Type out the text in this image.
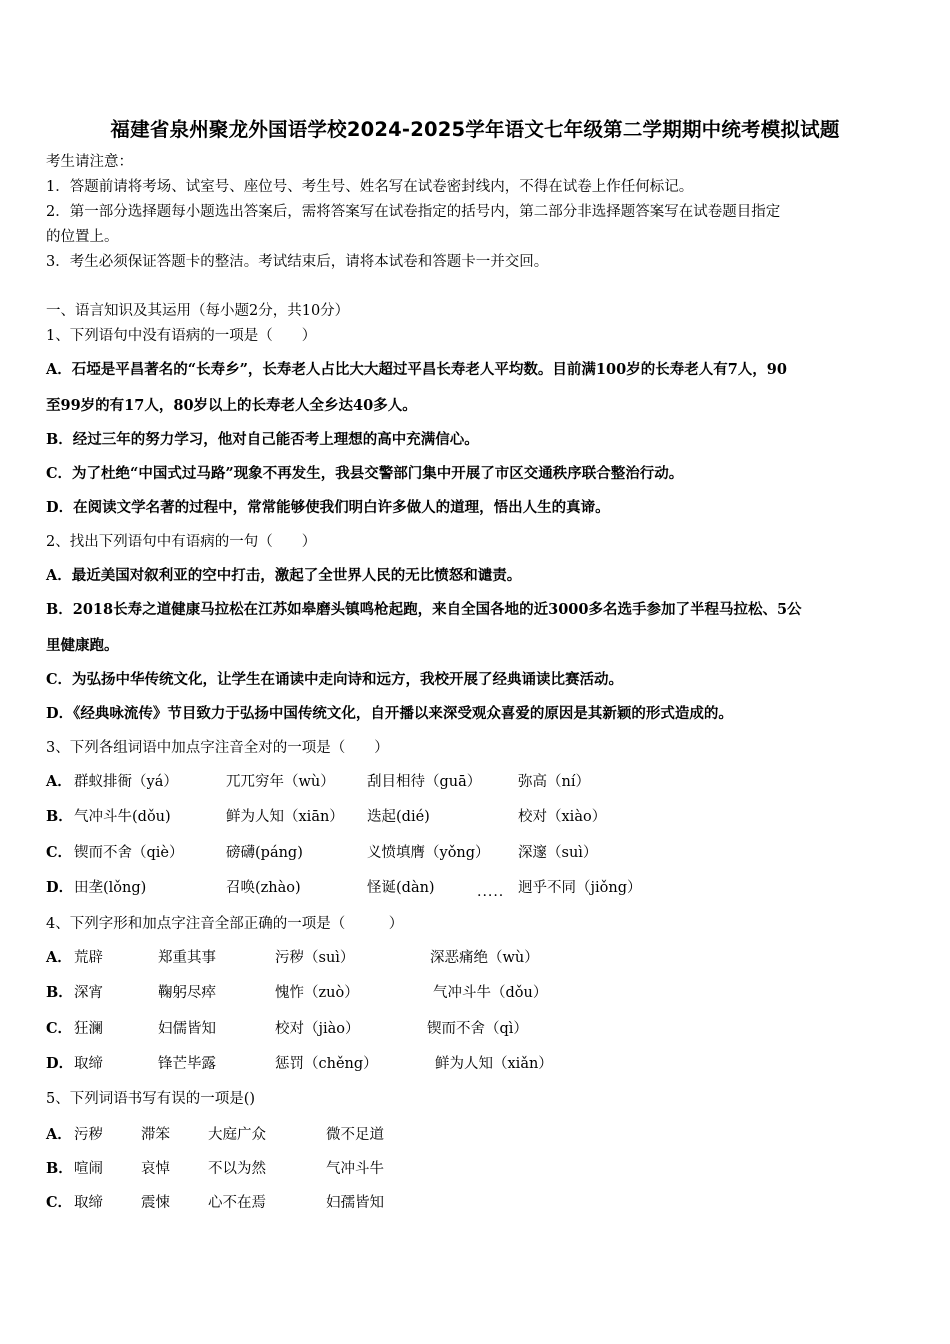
福建省泉州聚龙外国语学校2024-2025学年语文七年级第二学期期中统考模拟试题
考生请注意：
1．答题前请将考场、试室号、座位号、考生号、姓名写在试卷密封线内，不得在试卷上作任何标记。
2．第一部分选择题每小题选出答案后，需将答案写在试卷指定的括号内，第二部分非选择题答案写在试卷题目指定
的位置上。
3．考生必须保证答题卡的整洁。考试结束后，请将本试卷和答题卡一并交回。
一、语言知识及其运用（每小题2分，共10分）
1、下列语句中没有语病的一项是（　　）
A．石埡是平昌著名的“长寿乡”，长寿老人占比大大超过平昌长寿老人平均数。目前满100岁的长寿老人有7人，90
至99岁的有17人，80岁以上的长寿老人全乡达40多人。
B．经过三年的努力学习，他对自己能否考上理想的高中充满信心。
C．为了杜绝“中国式过马路”现象不再发生，我县交警部门集中开展了市区交通秩序联合整治行动。
D．在阅读文学名著的过程中，常常能够使我们明白许多做人的道理，悟出人生的真谛。
2、找出下列语句中有语病的一句（　　）
A．最近美国对叙利亚的空中打击，激起了全世界人民的无比愤怒和谴责。
B．2018长寿之道健康马拉松在江苏如皋磨头镇鸣枪起跑，来自全国各地的近3000多名选手参加了半程马拉松、5公
里健康跑。
C．为弘扬中华传统文化，让学生在诵读中走向诗和远方，我校开展了经典诵读比赛活动。
D．《经典咏流传》节目致力于弘扬中国传统文化，自开播以来深受观众喜爱的原因是其新颖的形式造成的。
3、下列各组词语中加点字注音全对的一项是（　　）
A． 群蚁排衙（yá）	兀兀穷年（wù） 刮目相待（guā）	弥高（ní）
B． 气冲斗牛(dǒu)	鲜为人知（xiān） 迭起(dié)	校对（xiào）
C． 锲而不舍（qiè）	磅礴(páng)	义愤填膺（yǒng） 深邃（suì）
D． 田垄(lǒng)	召唤(zhào)	怪诞(dàn)	迥乎不同（jiǒng）
.....
4、下列字形和加点字注音全部正确的一项是（　　　）
A． 荒辟	郑重其事	污秽（suì）	深恶痛绝（wù）
B． 深宵	鞠躬尽瘁	愧怍（zuò）	气冲斗牛（dǒu）
C． 狂澜	妇儒皆知	校对（jiào）	锲而不舍（qì）
D． 取缔	锋芒毕露	惩罚（chěng）	鲜为人知（xiǎn）
5、下列词语书写有误的一项是()
A． 污秽	滞笨	大庭广众	微不足道
B． 喧闹	哀悼	不以为然	气冲斗牛
C． 取缔	震悚	心不在焉	妇孺皆知
